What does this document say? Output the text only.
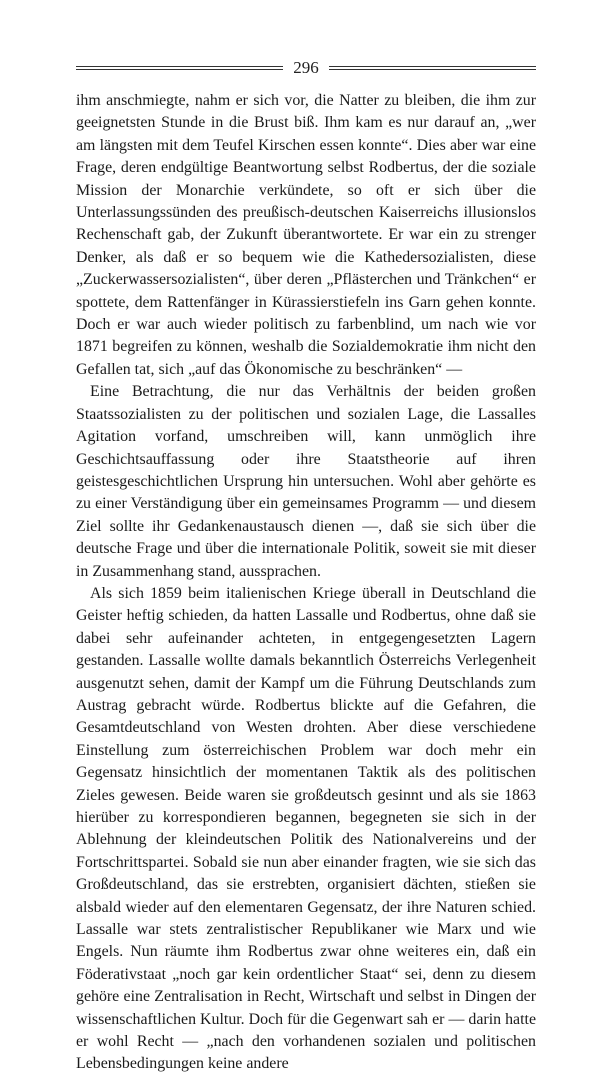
296

ihm anschmiegte, nahm er sich vor, die Natter zu bleiben, die ihm zur geeignetsten Stunde in die Brust biß. Ihm kam es nur darauf an, „wer am längsten mit dem Teufel Kirschen essen konnte“. Dies aber war eine Frage, deren endgültige Beantwortung selbst Rodbertus, der die soziale Mission der Monarchie verkündete, so oft er sich über die Unterlassungssünden des preußisch-deutschen Kaiserreichs illusionslos Rechenschaft gab, der Zukunft überantwortete. Er war ein zu strenger Denker, als daß er so bequem wie die Kathedersozialisten, diese „Zuckerwassersozialisten“, über deren „Pflästerchen und Tränkchen“ er spottete, dem Rattenfänger in Kürassierstiefeln ins Garn gehen konnte. Doch er war auch wieder politisch zu farbenblind, um nach wie vor 1871 begreifen zu können, weshalb die Sozialdemokratie ihm nicht den Gefallen tat, sich „auf das Ökonomische zu beschränken“ —

Eine Betrachtung, die nur das Verhältnis der beiden großen Staatssozialisten zu der politischen und sozialen Lage, die Lassalles Agitation vorfand, umschreiben will, kann unmöglich ihre Geschichtsauffassung oder ihre Staatstheorie auf ihren geistesgeschichtlichen Ursprung hin untersuchen. Wohl aber gehörte es zu einer Verständigung über ein gemeinsames Programm — und diesem Ziel sollte ihr Gedankenaustausch dienen —, daß sie sich über die deutsche Frage und über die internationale Politik, soweit sie mit dieser in Zusammenhang stand, aussprachen.

Als sich 1859 beim italienischen Kriege überall in Deutschland die Geister heftig schieden, da hatten Lassalle und Rodbertus, ohne daß sie dabei sehr aufeinander achteten, in entgegengesetzten Lagern gestanden. Lassalle wollte damals bekanntlich Österreichs Verlegenheit ausgenutzt sehen, damit der Kampf um die Führung Deutschlands zum Austrag gebracht würde. Rodbertus blickte auf die Gefahren, die Gesamtdeutschland von Westen drohten. Aber diese verschiedene Einstellung zum österreichischen Problem war doch mehr ein Gegensatz hinsichtlich der momentanen Taktik als des politischen Zieles gewesen. Beide waren sie großdeutsch gesinnt und als sie 1863 hierüber zu korrespondieren begannen, begegneten sie sich in der Ablehnung der kleindeutschen Politik des Nationalvereins und der Fortschrittspartei. Sobald sie nun aber einander fragten, wie sie sich das Großdeutschland, das sie erstrebten, organisiert dächten, stießen sie alsbald wieder auf den elementaren Gegensatz, der ihre Naturen schied. Lassalle war stets zentralistischer Republikaner wie Marx und wie Engels. Nun räumte ihm Rodbertus zwar ohne weiteres ein, daß ein Föderativstaat „noch gar kein ordentlicher Staat“ sei, denn zu diesem gehöre eine Zentralisation in Recht, Wirtschaft und selbst in Dingen der wissenschaftlichen Kultur. Doch für die Gegenwart sah er — darin hatte er wohl Recht — „nach den vorhandenen sozialen und politischen Lebensbedingungen keine andere
